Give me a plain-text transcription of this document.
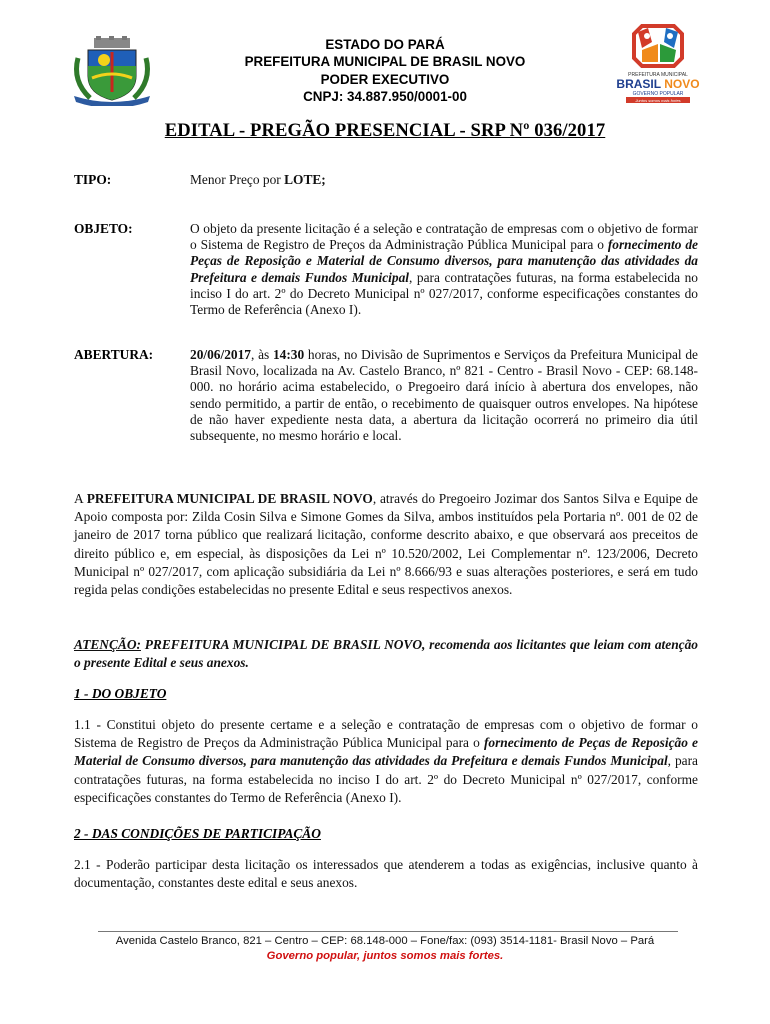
ESTADO DO PARÁ
PREFEITURA MUNICIPAL DE BRASIL NOVO
PODER EXECUTIVO
CNPJ: 34.887.950/0001-00
PREFEITURA MUNICIPAL
BRASIL NOVO
GOVERNO POPULAR
Juntos somos mais fortes
EDITAL - PREGÃO PRESENCIAL - SRP Nº 036/2017
TIPO:	Menor Preço por LOTE;
OBJETO:	O objeto da presente licitação é a seleção e contratação de empresas com o objetivo de formar o Sistema de Registro de Preços da Administração Pública Municipal para o fornecimento de Peças de Reposição e Material de Consumo diversos, para manutenção das atividades da Prefeitura e demais Fundos Municipal, para contratações futuras, na forma estabelecida no inciso I do art. 2º do Decreto Municipal nº 027/2017, conforme especificações constantes do Termo de Referência (Anexo I).
ABERTURA:	20/06/2017, às 14:30 horas, no Divisão de Suprimentos e Serviços da Prefeitura Municipal de Brasil Novo, localizada na Av. Castelo Branco, nº 821 - Centro - Brasil Novo - CEP: 68.148-000. no horário acima estabelecido, o Pregoeiro dará início à abertura dos envelopes, não sendo permitido, a partir de então, o recebimento de quaisquer outros envelopes. Na hipótese de não haver expediente nesta data, a abertura da licitação ocorrerá no primeiro dia útil subsequente, no mesmo horário e local.
A PREFEITURA MUNICIPAL DE BRASIL NOVO, através do Pregoeiro Jozimar dos Santos Silva e Equipe de Apoio composta por: Zilda Cosin Silva e Simone Gomes da Silva, ambos instituídos pela Portaria nº. 001 de 02 de janeiro de 2017 torna público que realizará licitação, conforme descrito abaixo, e que observará aos preceitos de direito público e, em especial, às disposições da Lei nº 10.520/2002, Lei Complementar nº. 123/2006, Decreto Municipal nº 027/2017, com aplicação subsidiária da Lei nº 8.666/93 e suas alterações posteriores, e será em tudo regida pelas condições estabelecidas no presente Edital e seus respectivos anexos.
ATENÇÃO: PREFEITURA MUNICIPAL DE BRASIL NOVO, recomenda aos licitantes que leiam com atenção o presente Edital e seus anexos.
1 - DO OBJETO
1.1 - Constitui objeto do presente certame e a seleção e contratação de empresas com o objetivo de formar o Sistema de Registro de Preços da Administração Pública Municipal para o fornecimento de Peças de Reposição e Material de Consumo diversos, para manutenção das atividades da Prefeitura e demais Fundos Municipal, para contratações futuras, na forma estabelecida no inciso I do art. 2º do Decreto Municipal nº 027/2017, conforme especificações constantes do Termo de Referência (Anexo I).
2 - DAS CONDIÇÕES DE PARTICIPAÇÃO
2.1 - Poderão participar desta licitação os interessados que atenderem a todas as exigências, inclusive quanto à documentação, constantes deste edital e seus anexos.
Avenida Castelo Branco, 821 – Centro – CEP: 68.148-000 – Fone/fax: (093) 3514-1181- Brasil Novo – Pará
Governo popular, juntos somos mais fortes.
